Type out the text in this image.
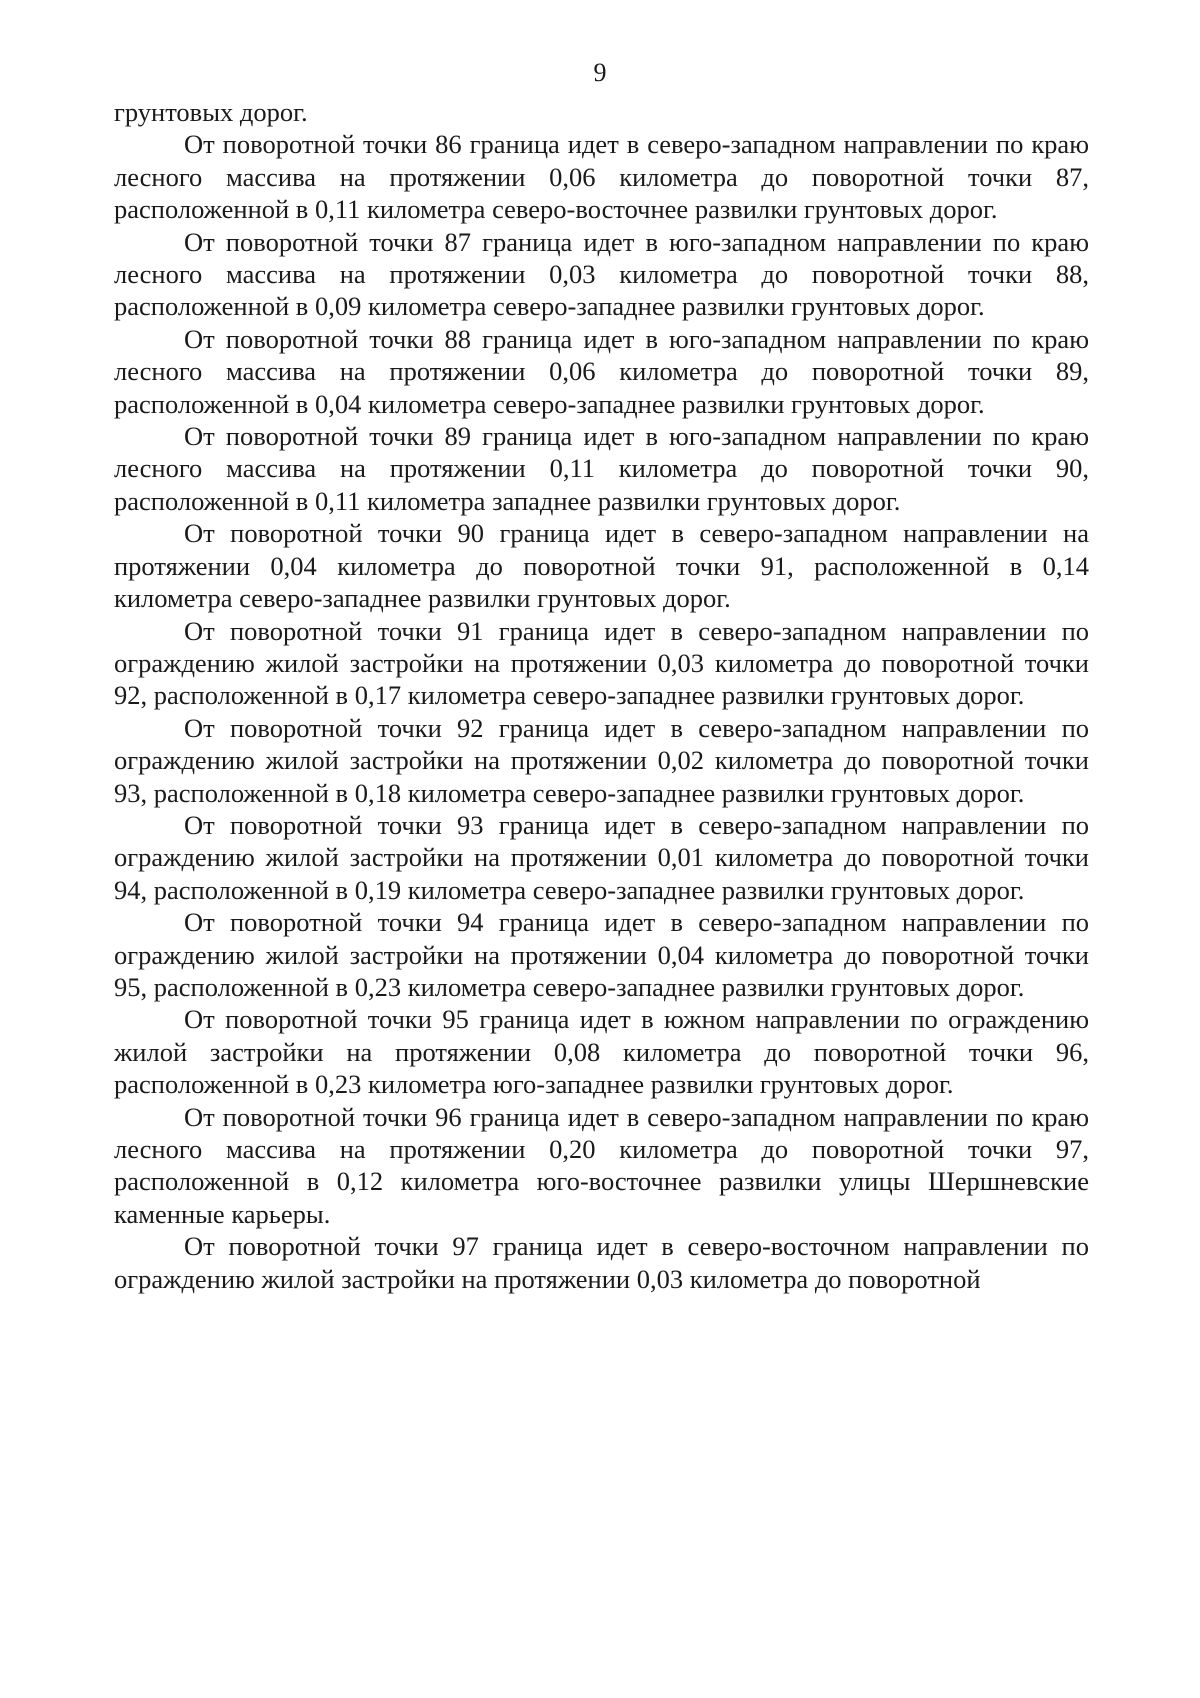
9

грунтовых дорог.

От поворотной точки 86 граница идет в северо-западном направлении по краю лесного массива на протяжении 0,06 километра до поворотной точки 87, расположенной в 0,11 километра северо-восточнее развилки грунтовых дорог.

От поворотной точки 87 граница идет в юго-западном направлении по краю лесного массива на протяжении 0,03 километра до поворотной точки 88, расположенной в 0,09 километра северо-западнее развилки грунтовых дорог.

От поворотной точки 88 граница идет в юго-западном направлении по краю лесного массива на протяжении 0,06 километра до поворотной точки 89, расположенной в 0,04 километра северо-западнее развилки грунтовых дорог.

От поворотной точки 89 граница идет в юго-западном направлении по краю лесного массива на протяжении 0,11 километра до поворотной точки 90, расположенной в 0,11 километра западнее развилки грунтовых дорог.

От поворотной точки 90 граница идет в северо-западном направлении на протяжении 0,04 километра до поворотной точки 91, расположенной в 0,14 километра северо-западнее развилки грунтовых дорог.

От поворотной точки 91 граница идет в северо-западном направлении по ограждению жилой застройки на протяжении 0,03 километра до поворотной точки 92, расположенной в 0,17 километра северо-западнее развилки грунтовых дорог.

От поворотной точки 92 граница идет в северо-западном направлении по ограждению жилой застройки на протяжении 0,02 километра до поворотной точки 93, расположенной в 0,18 километра северо-западнее развилки грунтовых дорог.

От поворотной точки 93 граница идет в северо-западном направлении по ограждению жилой застройки на протяжении 0,01 километра до поворотной точки 94, расположенной в 0,19 километра северо-западнее развилки грунтовых дорог.

От поворотной точки 94 граница идет в северо-западном направлении по ограждению жилой застройки на протяжении 0,04 километра до поворотной точки 95, расположенной в 0,23 километра северо-западнее развилки грунтовых дорог.

От поворотной точки 95 граница идет в южном направлении по ограждению жилой застройки на протяжении 0,08 километра до поворотной точки 96, расположенной в 0,23 километра юго-западнее развилки грунтовых дорог.

От поворотной точки 96 граница идет в северо-западном направлении по краю лесного массива на протяжении 0,20 километра до поворотной точки 97, расположенной в 0,12 километра юго-восточнее развилки улицы Шершневские каменные карьеры.

От поворотной точки 97 граница идет в северо-восточном направлении по ограждению жилой застройки на протяжении 0,03 километра до поворотной
